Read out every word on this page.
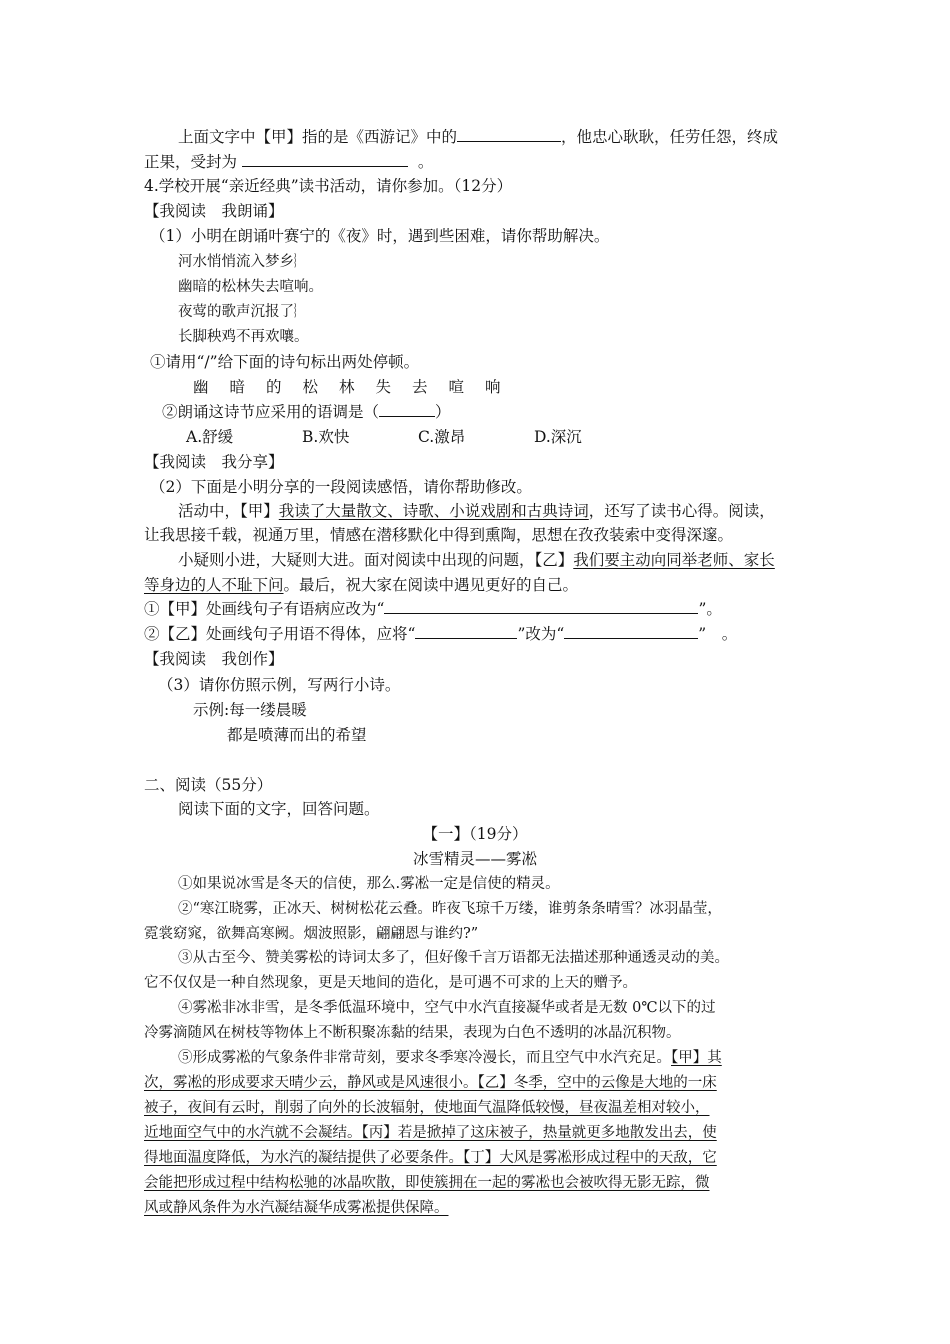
上面文字中【甲】指的是《西游记》中的	，他忠心耿耿，任劳任怨，终成
正果，受封为	。
4.学校开展“亲近经典”读书活动，请你参加。（12分）
【我阅读　我朗诵】
（1）小明在朗诵叶赛宁的《夜》时，遇到些困难，请你帮助解决。
河水悄悄流入梦乡︴
幽暗的松林失去喧响。
夜莺的歌声沉报了︴
长脚秧鸡不再欢嚷。
①请用“/”给下面的诗句标出两处停顿。
幽暗的松林失去喧响
②朗诵这诗节应采用的语调是（	）
A.舒缓	B.欢快	C.激昂	D.深沉
【我阅读　我分享】
（2）下面是小明分享的一段阅读感悟，请你帮助修改。
活动中，【甲】我读了大量散文、诗歌、小说戏剧和古典诗词，还写了读书心得。阅读，
让我思接千载，视通万里，情感在潜移默化中得到熏陶，思想在孜孜装索中变得深邃。
小疑则小进，大疑则大进。面对阅读中出现的问题，【乙】我们要主动向同举老师、家长
等身边的人不耻下问。最后，祝大家在阅读中遇见更好的自己。
①【甲】处画线句子有语病应改为“	”。
②【乙】处画线句子用语不得体，应将“	”改为“	”　。
【我阅读　我创作】
（3）请你仿照示例，写两行小诗。
示例:每一缕晨暖
都是喷薄而出的希望
二、阅读（55分）
阅读下面的文字，回答问题。
【一】（19分）
冰雪精灵——雾凇
①如果说冰雪是冬天的信使，那么.雾凇一定是信使的精灵。
②“寒江晓雾，正冰天、树树松花云叠。昨夜飞琼千万缕，谁剪条条晴雪？冰羽晶莹，
霓裳窈窕，欲舞高寒阙。烟波照影，翩翩恩与谁约?”
③从古至今、赞美雾松的诗词太多了，但好像千言万语都无法描述那种通透灵动的美。
它不仅仅是一种自然现象，更是天地间的造化，是可遇不可求的上天的赠予。
④雾凇非冰非雪，是冬季低温环境中，空气中水汽直接凝华或者是无数 0℃以下的过
冷雾滴随风在树枝等物体上不断积聚冻黏的结果，表现为白色不透明的冰晶沉积物。
⑤形成雾凇的气象条件非常苛刻，要求冬季寒冷漫长，而且空气中水汽充足。【甲】其
次，雾凇的形成要求天晴少云，静风或是风速很小。【乙】冬季，空中的云像是大地的一床
被子，夜间有云时，削弱了向外的长波辐射，使地面气温降低较慢，昼夜温差相对较小，
近地面空气中的水汽就不会凝结。【丙】若是掀掉了这床被子，热量就更多地散发出去，使
得地面温度降低，为水汽的凝结提供了必要条件。【丁】大风是雾凇形成过程中的天敌，它
会能把形成过程中结构松驰的冰晶吹散，即使簇拥在一起的雾凇也会被吹得无影无踪，微
风或静风条件为水汽凝结凝华成雾凇提供保障。
